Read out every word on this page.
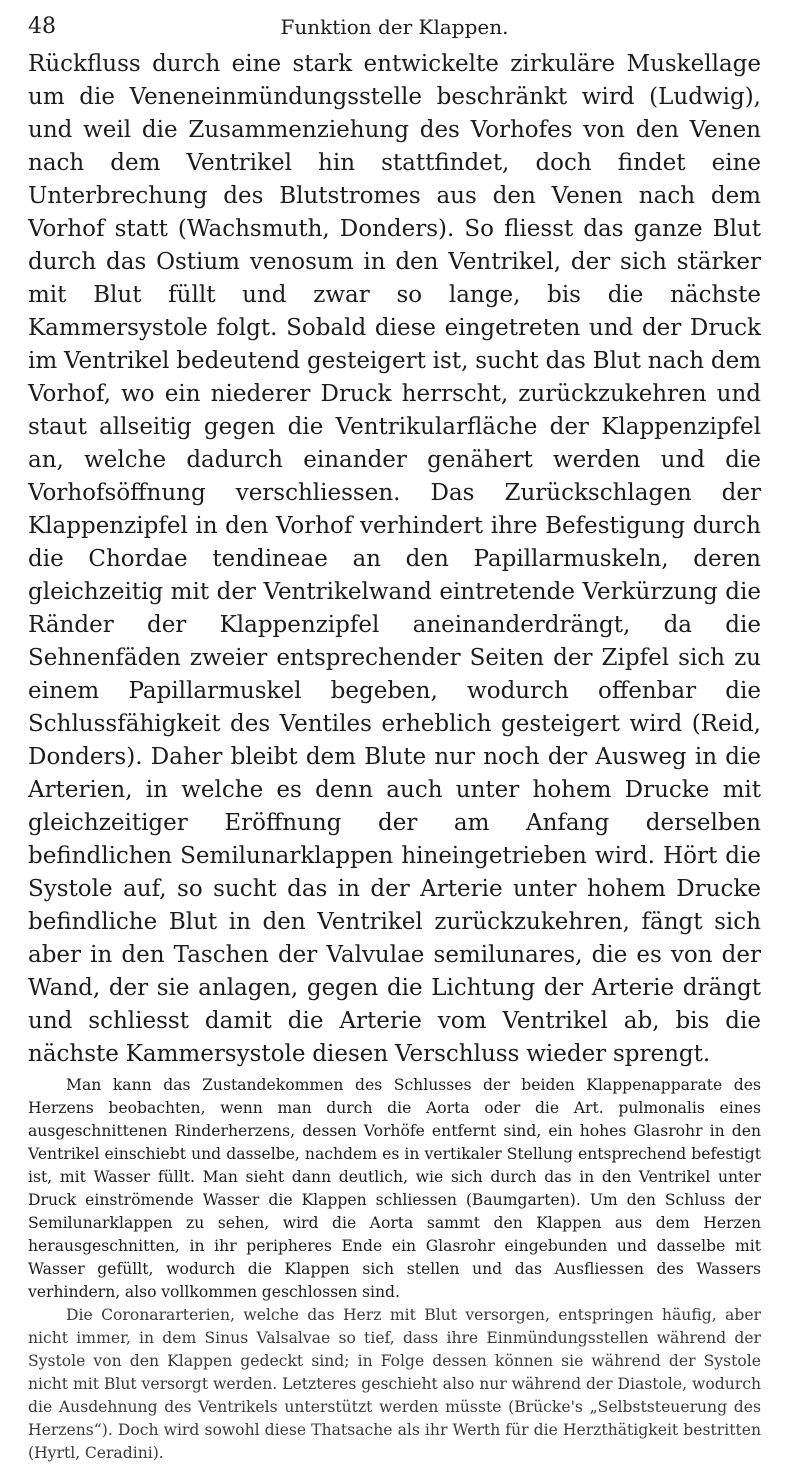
48	Funktion der Klappen.

Rückfluss durch eine stark entwickelte zirkuläre Muskellage um die Veneneinmündungsstelle beschränkt wird (Ludwig), und weil die Zusammenziehung des Vorhofes von den Venen nach dem Ventrikel hin stattfindet, doch findet eine Unterbrechung des Blutstromes aus den Venen nach dem Vorhof statt (Wachsmuth, Donders). So fliesst das ganze Blut durch das Ostium venosum in den Ventrikel, der sich stärker mit Blut füllt und zwar so lange, bis die nächste Kammersystole folgt. Sobald diese eingetreten und der Druck im Ventrikel bedeutend gesteigert ist, sucht das Blut nach dem Vorhof, wo ein niederer Druck herrscht, zurückzukehren und staut allseitig gegen die Ventrikularfläche der Klappenzipfel an, welche dadurch einander genähert werden und die Vorhofsöffnung verschliessen. Das Zurückschlagen der Klappenzipfel in den Vorhof verhindert ihre Befestigung durch die Chordae tendineae an den Papillarmuskeln, deren gleichzeitig mit der Ventrikelwand eintretende Verkürzung die Ränder der Klappenzipfel aneinanderdrängt, da die Sehnenfäden zweier entsprechender Seiten der Zipfel sich zu einem Papillarmuskel begeben, wodurch offenbar die Schlussfähigkeit des Ventiles erheblich gesteigert wird (Reid, Donders). Daher bleibt dem Blute nur noch der Ausweg in die Arterien, in welche es denn auch unter hohem Drucke mit gleichzeitiger Eröffnung der am Anfang derselben befindlichen Semilunarklappen hineingetrieben wird. Hört die Systole auf, so sucht das in der Arterie unter hohem Drucke befindliche Blut in den Ventrikel zurückzukehren, fängt sich aber in den Taschen der Valvulae semilunares, die es von der Wand, der sie anlagen, gegen die Lichtung der Arterie drängt und schliesst damit die Arterie vom Ventrikel ab, bis die nächste Kammersystole diesen Verschluss wieder sprengt.

Man kann das Zustandekommen des Schlusses der beiden Klappenapparate des Herzens beobachten, wenn man durch die Aorta oder die Art. pulmonalis eines ausgeschnittenen Rinderherzens, dessen Vorhöfe entfernt sind, ein hohes Glasrohr in den Ventrikel einschiebt und dasselbe, nachdem es in vertikaler Stellung entsprechend befestigt ist, mit Wasser füllt. Man sieht dann deutlich, wie sich durch das in den Ventrikel unter Druck einströmende Wasser die Klappen schliessen (Baumgarten). Um den Schluss der Semilunarklappen zu sehen, wird die Aorta sammt den Klappen aus dem Herzen herausgeschnitten, in ihr peripheres Ende ein Glasrohr eingebunden und dasselbe mit Wasser gefüllt, wodurch die Klappen sich stellen und das Ausfliessen des Wassers verhindern, also vollkommen geschlossen sind.

Die Coronararterien, welche das Herz mit Blut versorgen, entspringen häufig, aber nicht immer, in dem Sinus Valsalvae so tief, dass ihre Einmündungsstellen während der Systole von den Klappen gedeckt sind; in Folge dessen können sie während der Systole nicht mit Blut versorgt werden. Letzteres geschieht also nur während der Diastole, wodurch die Ausdehnung des Ventrikels unterstützt werden müsste (Brücke's „Selbststeuerung des Herzens“). Doch wird sowohl diese Thatsache als ihr Werth für die Herzthätigkeit bestritten (Hyrtl, Ceradini).
